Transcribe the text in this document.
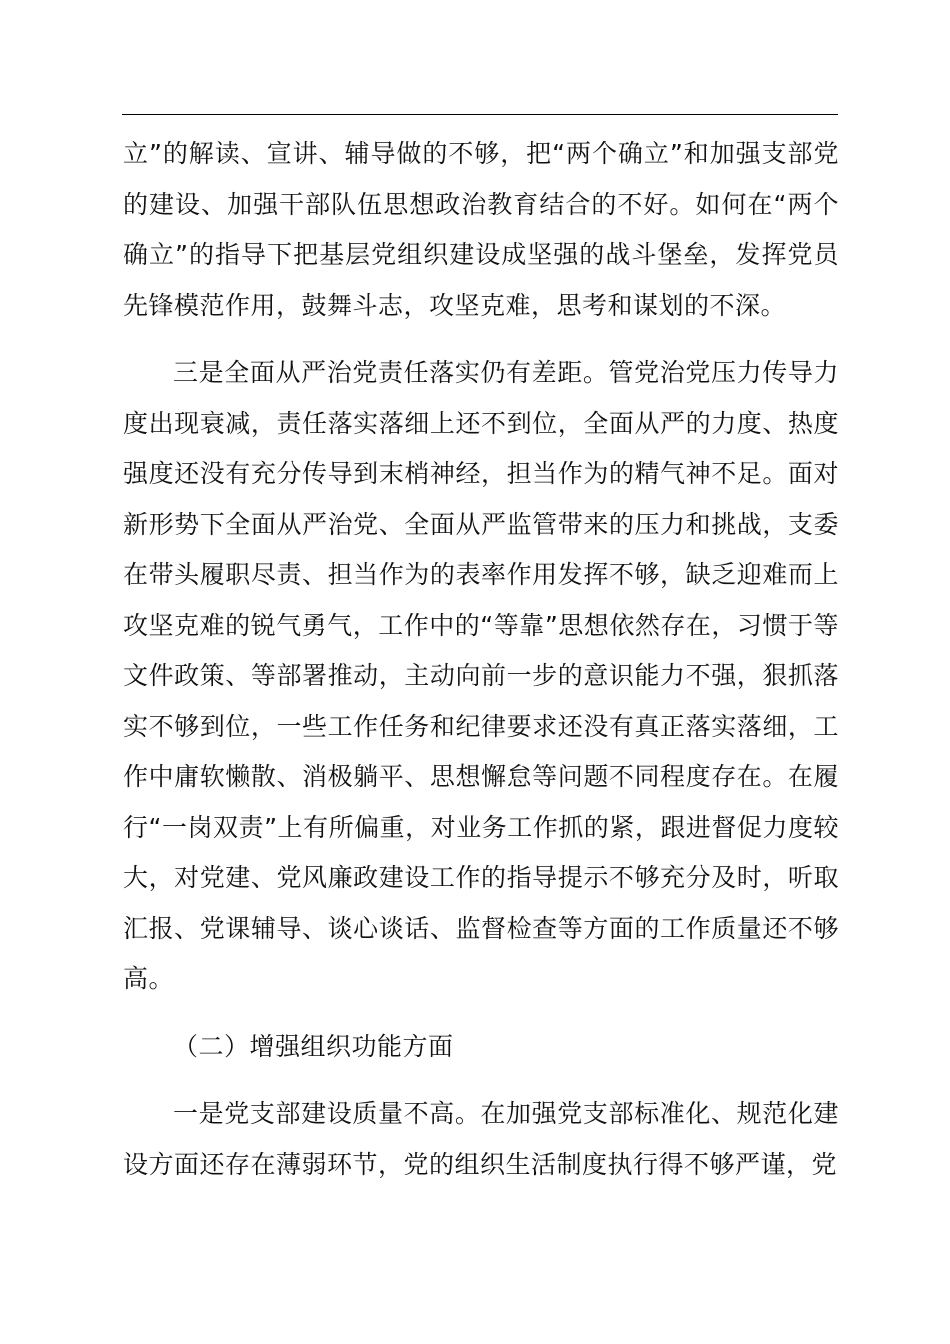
立”的解读、宣讲、辅导做的不够，把“两个确立”和加强支部党的建设、加强干部队伍思想政治教育结合的不好。如何在“两个确立”的指导下把基层党组织建设成坚强的战斗堡垒，发挥党员先锋模范作用，鼓舞斗志，攻坚克难，思考和谋划的不深。

三是全面从严治党责任落实仍有差距。管党治党压力传导力度出现衰减，责任落实落细上还不到位，全面从严的力度、热度强度还没有充分传导到末梢神经，担当作为的精气神不足。面对新形势下全面从严治党、全面从严监管带来的压力和挑战，支委在带头履职尽责、担当作为的表率作用发挥不够，缺乏迎难而上攻坚克难的锐气勇气，工作中的“等靠”思想依然存在，习惯于等文件政策、等部署推动，主动向前一步的意识能力不强，狠抓落实不够到位，一些工作任务和纪律要求还没有真正落实落细，工作中庸软懒散、消极躺平、思想懈怠等问题不同程度存在。在履行“一岗双责”上有所偏重，对业务工作抓的紧，跟进督促力度较大，对党建、党风廉政建设工作的指导提示不够充分及时，听取汇报、党课辅导、谈心谈话、监督检查等方面的工作质量还不够高。

（二）增强组织功能方面

一是党支部建设质量不高。在加强党支部标准化、规范化建设方面还存在薄弱环节，党的组织生活制度执行得不够严谨，党
